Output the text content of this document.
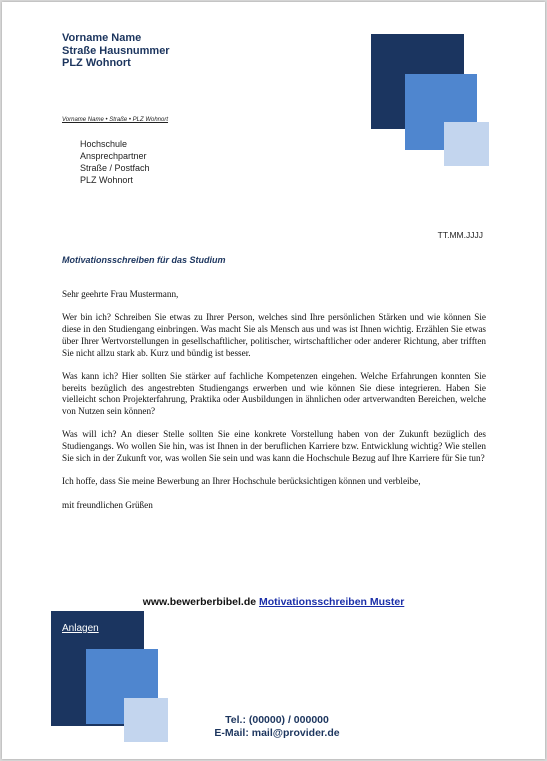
Vorname Name
Straße Hausnummer
PLZ Wohnort
Vorname Name • Straße • PLZ Wohnort
Hochschule
Ansprechpartner
Straße / Postfach
PLZ Wohnort
TT.MM.JJJJ
Motivationsschreiben für das Studium

Sehr geehrte Frau Mustermann,

Wer bin ich? Schreiben Sie etwas zu Ihrer Person, welches sind Ihre persönlichen Stärken und wie können Sie diese in den Studiengang einbringen. Was macht Sie als Mensch aus und was ist Ihnen wichtig. Erzählen Sie etwas über Ihrer Wertvorstellungen in gesellschaftlicher, politischer, wirtschaftlicher oder anderer Richtung, aber trifften Sie nicht allzu stark ab. Kurz und bündig ist besser.

Was kann ich? Hier sollten Sie stärker auf fachliche Kompetenzen eingehen. Welche Erfahrungen konnten Sie bereits bezüglich des angestrebten Studiengangs erwerben und wie können Sie diese integrieren. Haben Sie vielleicht schon Projekterfahrung, Praktika oder Ausbildungen in ähnlichen oder artverwandten Bereichen, welche von Nutzen sein können?

Was will ich? An dieser Stelle sollten Sie eine konkrete Vorstellung haben von der Zukunft bezüglich des Studiengangs. Wo wollen Sie hin, was ist Ihnen in der beruflichen Karriere bzw. Entwicklung wichtig? Wie stellen Sie sich in der Zukunft vor, was wollen Sie sein und was kann die Hochschule Bezug auf Ihre Karriere für Sie tun?

Ich hoffe, dass Sie meine Bewerbung an Ihrer Hochschule berücksichtigen können und verbleibe,

mit freundlichen Grüßen

www.bewerberbibel.de Motivationsschreiben Muster
Anlagen
Tel.: (00000) / 000000
E-Mail: mail@provider.de
